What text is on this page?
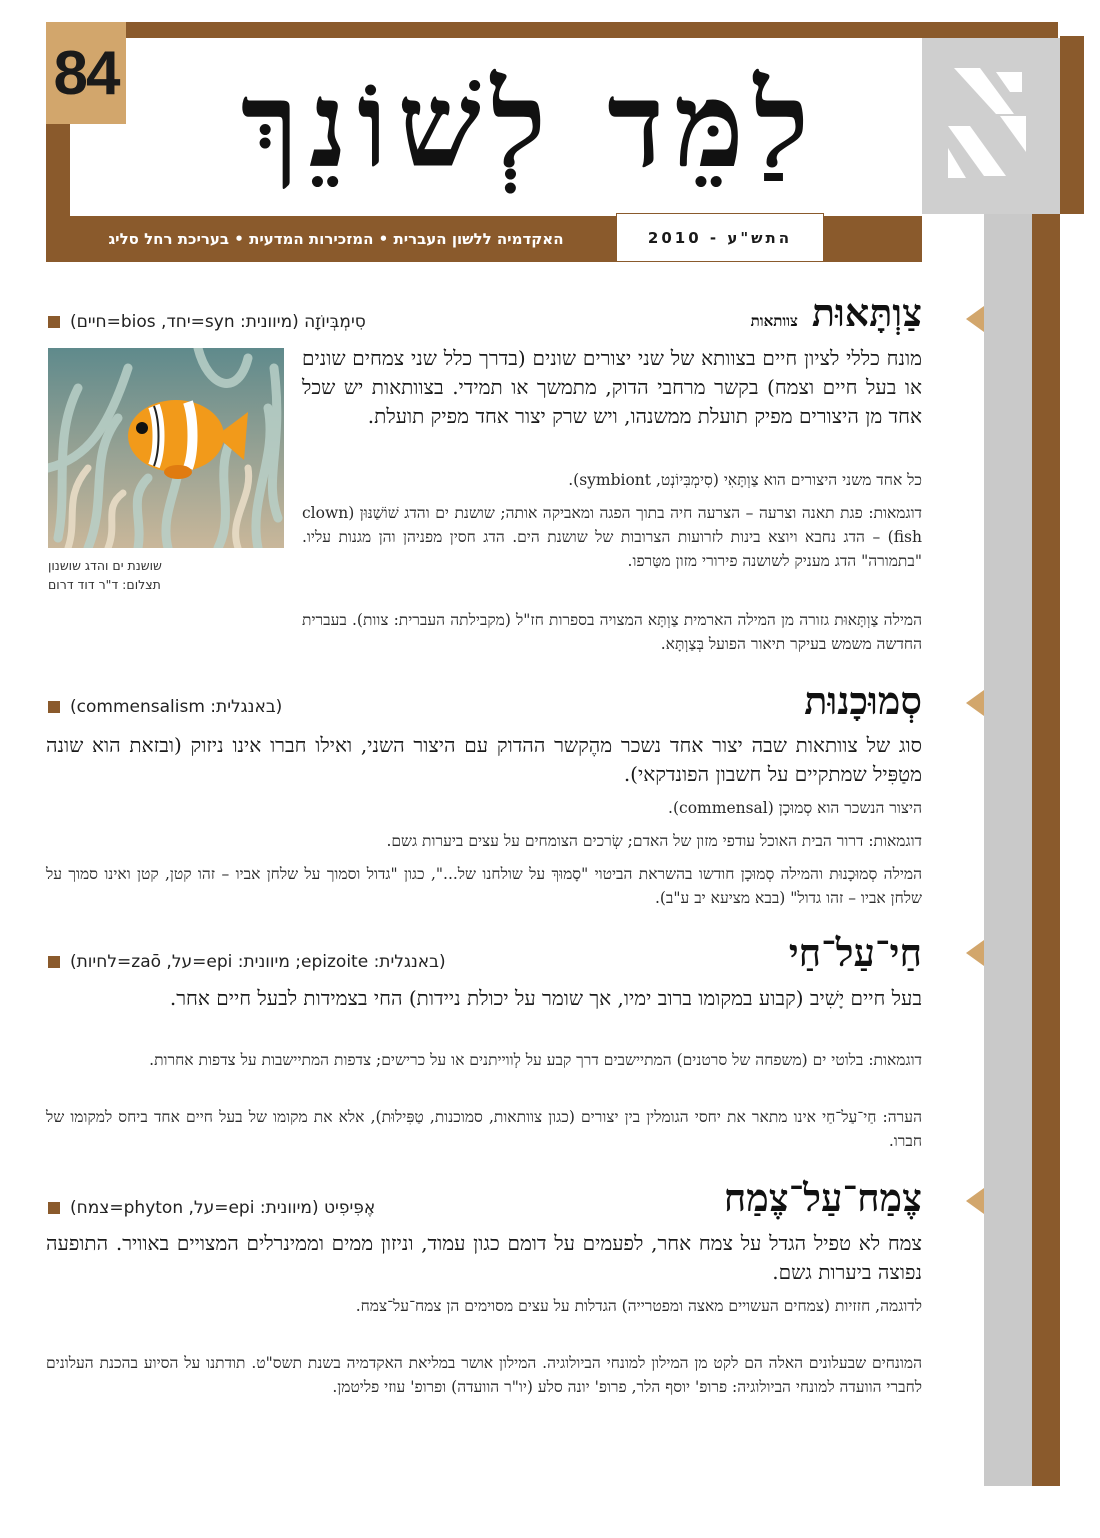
84	לַמֵּד לְשׁוֹנֵךְ
האקדמיה ללשון העברית • המזכירות המדעית • בעריכת רחל סליג	התש"ע - 2010
צַוְתָּאוּתצוותאות
סִימְבְּיוֹזָה (מיוונית: syn=יחד, bios=חיים)
שושנת ים והדג שושנון
תצלום: ד"ר דוד דרום
מונח כללי לציון חיים בצוותא של שני יצורים שונים (בדרך כלל שני צמחים שונים או בעל חיים וצמח) בקשר מרחבי הדוק, מתמשך או תמידי. בצוותאות יש שכל אחד מן היצורים מפיק תועלת ממשנהו, ויש שרק יצור אחד מפיק תועלת.
כל אחד משני היצורים הוא צַוְתָּאִי (סִימְבִּיוֹנְט, symbiont).
דוגמאות: פגת תאנה וצרעה – הצרעה חיה בתוך הפגה ומאביקה אותה; שושנת ים והדג שׁוֹשַׁנּוּן (clown fish) – הדג נחבא ויוצא בינות לזרועות הצרובות של שושנת הים. הדג חסין מפניהן והן מגנות עליו. "בתמורה" הדג מעניק לשושנה פירורי מזון מטַּרפו.
המילה צַוְתָּאוּת גזורה מן המילה הארמית צַוְתָּא המצויה בספרות חז"ל (מקבילתה העברית: צוות). בעברית החדשה משמש בעיקר תיאור הפועל בְּצַוְתָּא.
סְמוּכָנוּת
(באנגלית: commensalism)
סוג של צוותאות שבה יצור אחד נשכר מהֶקשר ההדוק עם היצור השני, ואילו חברו אינו ניזוק (ובזאת הוא שונה מטַפִּיל שמתקיים על חשבון הפונדקאי).
היצור הנשכר הוא סְמוּכָן (commensal).
דוגמאות: דרור הבית האוכל עודפי מזון של האדם; שְׂרכים הצומחים על עצים ביערות גשם.
המילה סְמוּכָנוּת והמילה סְמוּכָן חודשו בהשראת הביטוי "סָמוּךְ על שולחנו של...", כגון "גדול וסמוך על שלחן אביו – זהו קטן, קטן ואינו סמוך על שלחן אביו – זהו גדול" (בבא מציעא יב ע"ב).
חַי־עַל־חַי
(באנגלית: epizoite; מיוונית: epi=על, zaō=לחיות)
בעל חיים יָשִׁיב (קבוע במקומו ברוב ימיו, אך שומר על יכולת ניידות) החי בצמידות לבעל חיים אחר.
דוגמאות: בלוטי ים (משפחה של סרטנים) המתיישבים דרך קבע על לְווייתנים או על כרישים; צדפות המתיישבות על צדפות אחרות.
הערה: חַי־עַל־חַי אינו מתאר את יחסי הגומלין בין יצורים (כגון צוותאות, סמוכנות, טַפִּילוּת), אלא את מקומו של בעל חיים אחד ביחס למקומו של חברו.
צֶמַח־עַל־צֶמַח
אֶפִּיפִיט (מיוונית: epi=על, phyton=צמח)
צמח לא טפיל הגדל על צמח אחר, לפעמים על דומם כגון עמוד, וניזון ממים וממינרלים המצויים באוויר. התופעה נפוצה ביערות גשם.
לדוגמה, חזזיות (צמחים העשויים מאצה ומפטרייה) הגדלות על עצים מסוימים הן צמח־על־צמח.
המונחים שבעלונים האלה הם לקט מן המילון למונחי הביולוגיה. המילון אושר במליאת האקדמיה בשנת תשס"ט. תודתנו על הסיוע בהכנת העלונים לחברי הוועדה למונחי הביולוגיה: פרופ' יוסף הלר, פרופ' יונה סלע (יו"ר הוועדה) ופרופ' עוזי פליטמן.
